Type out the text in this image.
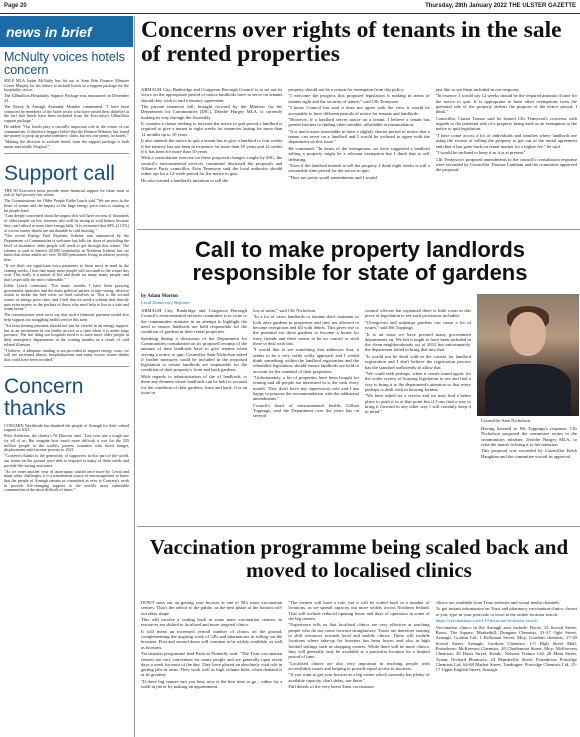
Page 20	Thursday, 28th January 2022 THE ULSTER GAZETTE
news in brief
McNulty voices hotels concern

SDLP MLA Justin McNulty has hit out at Sinn Féin Finance Minister Conor Murphy for his failure to include hotels in a support package for the hospitality sector.

The £40million Hospitality Support Package was announced on December 23.

The Newry & Armagh Assembly Member commented, "I have been contacted by members of the hotel sector who have raised their disbelief at the fact that hotels have been excluded from the Executive's £40million support package."

He added: "Our hotels play a crucially important role in the centre of our communities. It therefore beggars belief that the Finance Minister has found the money to prop up private members' clubs, but not one penny for hotels."

"Making the decision to exclude hotels from the support package is both unfair and totally illogical."

Support call

THE NI Executive must provide more financial support for those most at risk of fuel poverty this winter.

The Commissioner for Older People Eddie Lynch said "We are now in the heart of winter and the impact of the huge energy price rises is starting to hit people hard.

"I am deeply concerned about the impact this will have on tens of thousands of older people on low incomes who will be sitting in cold homes because they can't afford to meet their energy bills. It is estimated that 40% (21.5%) of excess winter deaths are attributable to cold housing."

"The recent Energy Fuel Payment Scheme was announced by the Department of Communities is welcome but falls far short of providing the level of assistance older people will need to get through this winter. The scheme is said to benefit 28,000 households in Northern Ireland, but we know that alone adults are over 50,000 pensioners living in relative poverty here.

"If we don't see significant extra payments to those most in need in the coming weeks, I fear that many more people will succumb to the winter this year. This really is a matter of life and death for many, many people, and that's especially the most vulnerable."

Eddie Lynch continued, "For many months I have been pressing government ministers and the main political parties to take strong, decisive action to tackle the fuel crisis we find ourselves in. This is the second winter of energy price rises, and I feel that we need a scheme that directly puts extra money in the pockets of those who need help to live in a safe and warm home."

The commissioner went on to say that such a financial payment would also help support our struggling health service this time.

"An extra heating payment should not just be viewed as an energy support, but as an investment in our health service at a time when it is under huge pressure. The last thing our hospitals need is to have more older people in their emergency departments in the coming months as a result of cold related illnesses.

"I believe, if adequate funding is not provided to support energy costs, we will see increased illness, hospitalisations and many excess winter deaths that could have been avoided."

Concern thanks

CONCERN Worldwide has thanked the people of Armagh for their valued support in 2021.

Peter Anderson, the charity's NI Director said, "Last year was a tough one for all of us. But imagine how much more difficult it was for the 235 million people in the world's poorest countries who faced hunger, displacement and extreme poverty in 2021.

"Concern's thanks to the generosity of supporters in this part of the world, our teams on the ground were able to respond to many of these needs and provide life-saving assistance.

"As we enter another year of uncertainty caused once more by Covid and many other challenges, it is a tremendous source of encouragement to know that the people of Armagh remain as committed as ever to Concern's work to provide life-changing support to the world's most vulnerable communities at the most difficult of times."

Concerns over rights of tenants in the sale of rented properties

ARMAGH City, Banbridge and Craigavon Borough Council is to set out its views on the appropriate period of notice landlords have to serve on tenants should they wish to end a tenancy agreement.

The private tenancies bill, brought forward by the Minister for the Department for Communities (DfC), Deirdre Hargey MLA, is currently making its way through the Assembly.

It contains a clause seeking to increase the notice to quit period a landlord is required to give a tenant to eight weeks for tenancies lasting for more than 12 months up to 10 years.

It also amends the notice to quit a tenant has to give a landlord to four weeks if the tenancy has not been in existence for more than 10 years and 12 weeks if it has been for more than 10 years.

With a consultation exercise on these proposed changes sought by DfC, the council's environmental services committee discussed the proposals and Alliance Party councillor, Eoin Tennyson said the local authority should rather opt for a 12-week period for the notice to quit.

He also wanted a landlord's intention to sell the

property should not be a reason for exemption from this policy.

"I welcome the progress this proposed legislation is making in terms of tenants right and the security of tenure," said Cllr Tennyson.

"I know Council has said it does not agree with the view it would be acceptable to have different periods of notice for tenants and landlords.

"However, if a landlord serves notice on a tenant, I believe a tenant has greater barriers to finding other suitable, affordable accommodation.

"It is much more reasonable to have a slightly shorter period of notice that a tenant can serve on a landlord and I would be inclined to agree with the department on this issue."

He continued: "In terms of the exemptions, we have suggested a landlord selling a property might be a relevant exemption but I think that is self defeating.

"Even if the landlord intends to sell the property, I think eight weeks is still a reasonable time period for the notice to quit.

"They are pretty small amendments and I would

just like to see them included in our response.

"In essence, I would say 12 weeks should be the required amount of time for the notice to quit. It is appropriate to have other exemptions from the potential sale of the property defeats the purpose of the notice period, I think."

Councillor Ciaran Toman said he shared Cllr Tennyson's concerns with regards to the potential sale of a property being used as an exemption to the notice to quit legislation.

"I have come across a lot of individuals and families where landlords are using the excuse of selling the property to get out of the rental agreement and then it has gone back on rental market for a higher fee," he said.

"I would be inclined to keep it as it is at present."

Cllr Tennyson's proposed amendments to the council's consultation response were seconded by Councillor Thomas Larkham and the committee approved the proposal.

Call to make property landlords responsible for state of gardens
by Adam Morton
Local Democracy Reporter

ARMAGH City, Banbridge and Craigavon Borough Council's environmental services committee is to write to the communities minister in an attempt to highlight the need to ensure landlords are held responsible for the condition of gardens in their rental properties.

Speaking during a discussion of the Department for Communities consultation on its proposed revamp of the amount of time landlords have to give tenants when serving a notice to quit, Councillor Sam Nicholson asked if further measures could be included in the proposed legislation to ensure landlords are responsible for the condition of their property's front and back gardens.

With regards to administration of the of landlords, is there any element where landlords can be held to account for the condition of their gardens, front and back. It is an issue in

lots of areas," said Cllr Nicholson.

"In a lot of cases landlords or tenants don't maintain or look after gardens in properties and they are allowed to become overgrown and fill with debris. This gives rise to the potential for these gardens to become a house for furry friends and there seems to be no control or stick there to deal with this.

"I would like to see something that addresses that, it seems to be a very softly softly approach and I would think something within the landlord registration and the rebranded legislation, should ensure landlords are held to account for the standard of their properties.

"Unfortunately, a lot of properties have been bought for renting and all people are interested in is the cash every month. They don't have any supervisory role and I am happy to propose the recommendation with the additional amendments."

Council's head of environmental health, Gillian Toppings, said the Department over the years has on several

council officers but explained there is little room in this piece of legislation to see such provisions included.

"Overgrown and unkempt gardens can cause a lot of issues," said Ms Toppings.

"It is an issue we have pressed many government departments on. We felt it ought to have been included in the clean neighbourhoods act of 2012 but unfortunately, the department failed to bring that into that.

"It would not be dealt with in the criteria for landlord registration and I don't believe the registration process has the standard sufficiently to allow that.

"We could seek perhaps, when it comes round again, for the wider review of housing legislation to see and find a way to bring it to the department's attention so that every perhaps is dealt with in housing forums.

"We have asked for a review and we may find a better place to push it in at that point but if I can find a way to bring it forward in any other way I will certainly keep it in mind."

Councillor Sam Nicholson.

Having listened to Ms Toppings's response, Cllr Nicholson proposed the committee writes to the communities minister, Deirdre Hargey MLA, to raise the matter to bring it to her attention.

This proposal was seconded by Councillor Keith Haughian and the committee voiced its approval.

Vaccination programme being scaled back and moved to localised clinics

DON'T miss out on getting your booster at one of NI's mass vaccination centres. That's the advice to the public, as the next phase of the booster roll-out takes shape.

This will involve a scaling back in some mass vaccination centres, as resources are shifted to localised and more targeted clinics.

It will mean an increased overall number of clinics on the ground, complementing the ongoing work of GPs and pharmacists in rolling out the boosters. First and second doses will continue to be widely available, as well as boosters.

Vaccination programme lead Patricia Donnelly said: "The Trust vaccination centres are very convenient for many people and are generally open seven days a week for most of the day. They have played an absolutely vital role in getting jabs in arms. They work well as high volume hubs, when demand is at its greatest.

"If these big centres suit you best, now is the best time to go – either for a walk-in jab or by making an appointment.

"The centres will have a role, but it will be scaled back in a number of locations, as we spread capacity out more widely across Northern Ireland. That will include reduced opening hours and days of operation in some of the big centres.

"Experience tells us that localised clinics are very effective at reaching people who do not come forward straightaway. Trusts are therefore starting to shift resources towards local and mobile clinics. These will include locations where take-up for boosters has been lower, and also in high footfall settings such as shopping centres. While there will be more clinics, they will generally only be available at a particular location for a limited period of time.

"Localised clinics are also very important in reaching people with accessibility issues and helping to provide equal access to boosters.

"If you want to get your booster at a big centre which currently has plenty of available capacity, don't delay, use these."

Full details of the very latest Trust vaccination

clinics are available from Trust websites and social media channels.

To get instant information on Trust and pharmacy vaccination clinics closest to you, type in your postcode or town at the online location search:

https://vaccinations.covid-19.hscni.net/locations-search

Vaccination clinics in the Armagh area include: Boots, 33 Scotch Street, Boots, The Square, Markethill, Dungans Chemists, 31-37 Ogle Street, Armagh; Gordon Ltd, 1 Killyman Street, Moy; Gordons chemists, 27-29 Scotch Street, Armagh; Gordons Chemists, 1-5 High Street Mall, Portadown; McKeevers Chemists, 20 Charlemont Street, Moy; McKeevers Chemists, 20 Davis Street, Keady; Nelsons Trainor Ltd, 28 Main Street, Tynan; Orchard Pharmacy, 23 Mandeville Street, Portadown; Portridge Chemists Ltd, 64-68 Market Street, Tandragee; Portridge Chemists Ltd, 15-17 Upper English Street, Armagh.
